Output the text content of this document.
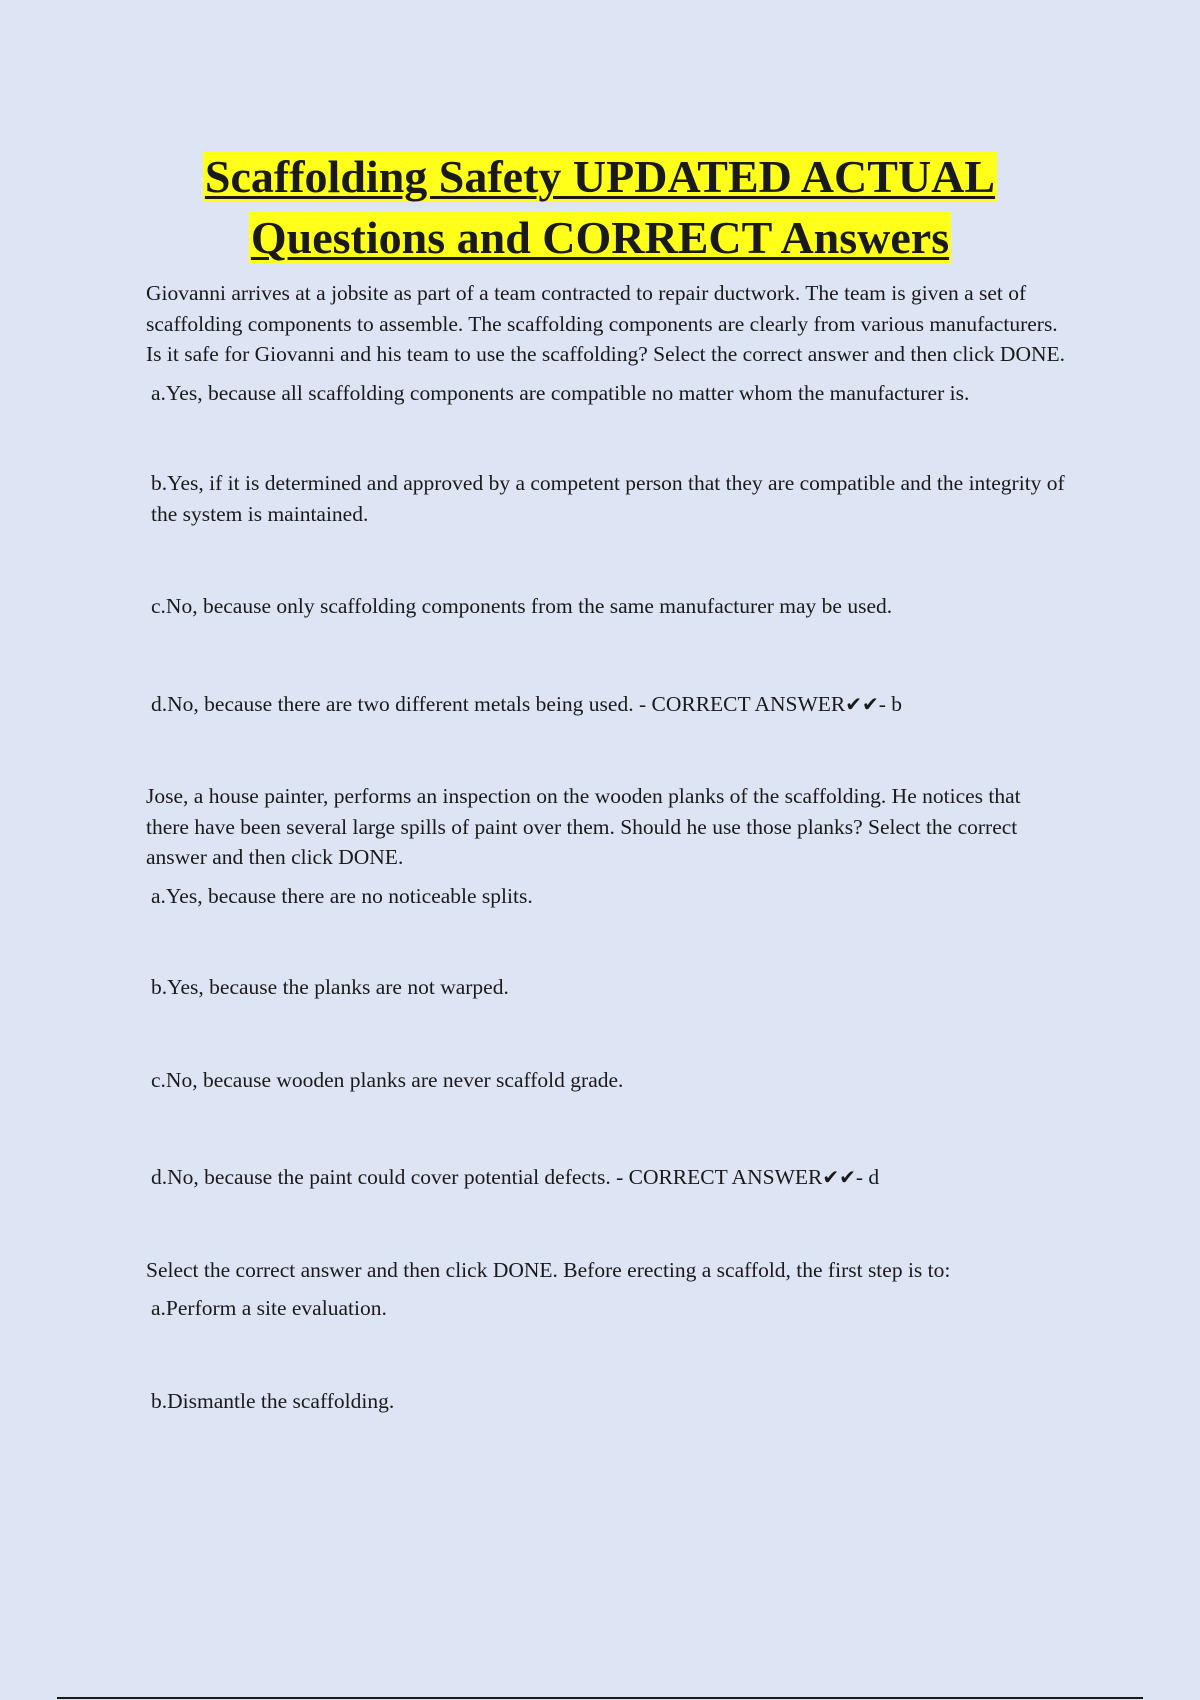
Scaffolding Safety UPDATED ACTUAL
Questions and CORRECT Answers

Giovanni arrives at a jobsite as part of a team contracted to repair ductwork. The team is given a set of scaffolding components to assemble. The scaffolding components are clearly from various manufacturers. Is it safe for Giovanni and his team to use the scaffolding? Select the correct answer and then click DONE.

a.Yes, because all scaffolding components are compatible no matter whom the manufacturer is.

b.Yes, if it is determined and approved by a competent person that they are compatible and the integrity of the system is maintained.

c.No, because only scaffolding components from the same manufacturer may be used.

d.No, because there are two different metals being used. - CORRECT ANSWER✔✔- b

Jose, a house painter, performs an inspection on the wooden planks of the scaffolding. He notices that there have been several large spills of paint over them. Should he use those planks? Select the correct answer and then click DONE.

a.Yes, because there are no noticeable splits.

b.Yes, because the planks are not warped.

c.No, because wooden planks are never scaffold grade.

d.No, because the paint could cover potential defects. - CORRECT ANSWER✔✔- d

Select the correct answer and then click DONE. Before erecting a scaffold, the first step is to:

a.Perform a site evaluation.

b.Dismantle the scaffolding.
